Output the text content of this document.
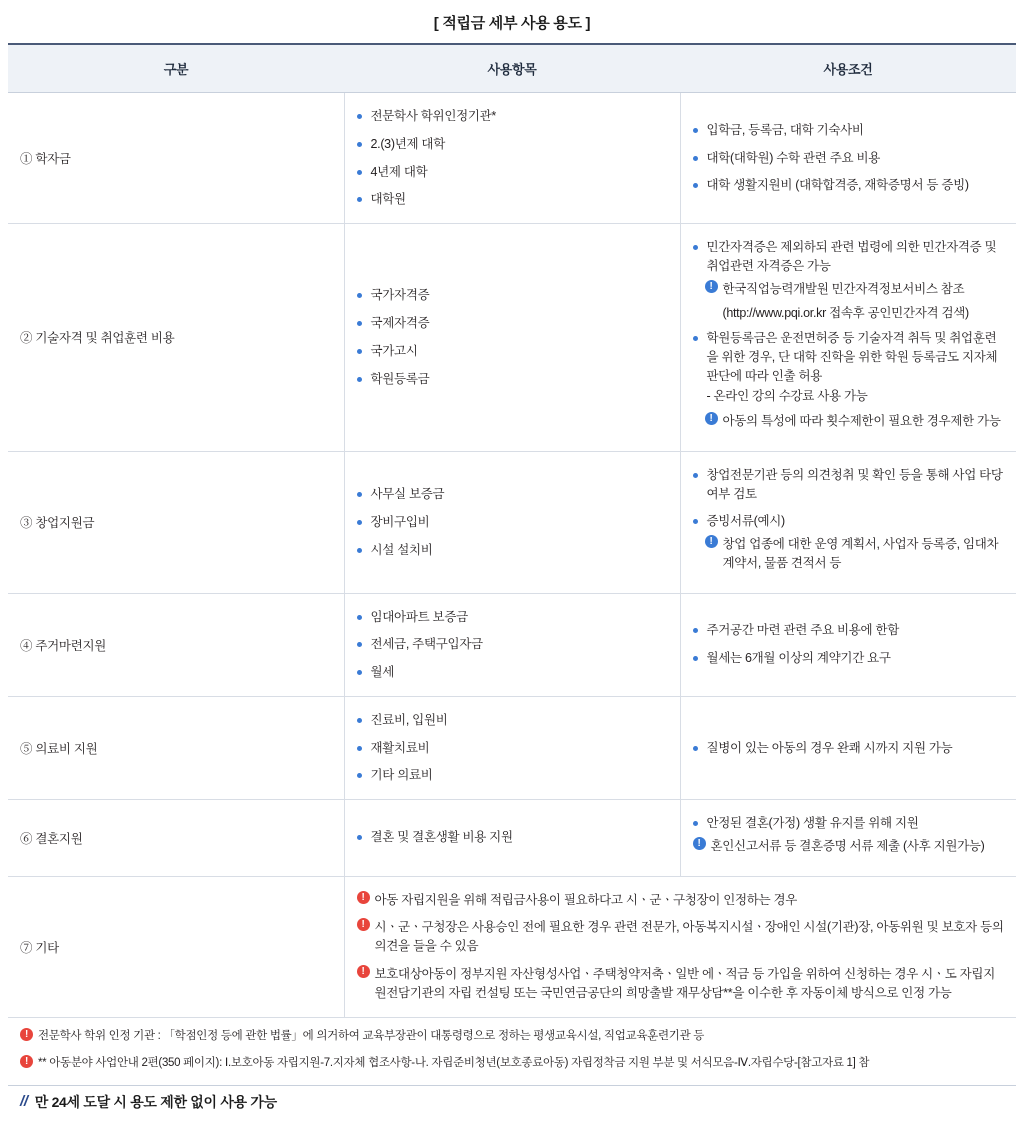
[ 적립금 세부 사용 용도 ]
구분	사용항목	사용조건
① 학자금	
전문학사 학위인정기관*
2.(3)년제 대학
4년제 대학
대학원

입학금, 등록금, 대학 기숙사비
대학(대학원) 수학 관련 주요 비용
대학 생활지원비 (대학합격증, 재학증명서 등 증빙)

② 기술자격 및 취업훈련 비용	
국가자격증
국제자격증
국가고시
학원등록금

민간자격증은 제외하되 관련 법령에 의한 민간자격증 및 취업관련 자격증은 가능
! 한국직업능력개발원 민간자격정보서비스 참조
(http://www.pqi.or.kr 접속후 공인민간자격 검색)
학원등록금은 운전면허증 등 기술자격 취득 및 취업훈련을 위한 경우, 단 대학 진학을 위한 학원 등록금도 지자체 판단에 따라 인출 허용
- 온라인 강의 수강료 사용 가능
! 아동의 특성에 따라 횟수제한이 필요한 경우제한 가능

③ 창업지원금	
사무실 보증금
장비구입비
시설 설치비

창업전문기관 등의 의견청취 및 확인 등을 통해 사업 타당 여부 검토
증빙서류(예시)
! 창업 업종에 대한 운영 계획서, 사업자 등록증, 임대차 계약서, 물품 견적서 등

④ 주거마련지원	
임대아파트 보증금
전세금, 주택구입자금
월세

주거공간 마련 관련 주요 비용에 한함
월세는 6개월 이상의 계약기간 요구

⑤ 의료비 지원	
진료비, 입원비
재활치료비
기타 의료비

질병이 있는 아동의 경우 완쾌 시까지 지원 가능

⑥ 결혼지원	결혼 및 결혼생활 비용 지원

안정된 결혼(가정) 생활 유지를 위해 지원
! 혼인신고서류 등 결혼증명 서류 제출 (사후 지원가능)

⑦ 기타	
! 아동 자립지원을 위해 적립금사용이 필요하다고 시ㆍ군ㆍ구청장이 인정하는 경우
! 시ㆍ군ㆍ구청장은 사용승인 전에 필요한 경우 관련 전문가, 아동복지시설ㆍ장애인 시설(기관)장, 아동위원 및 보호자 등의 의견을 들을 수 있음
! 보호대상아동이 정부지원 자산형성사업ㆍ주택청약저축ㆍ일반 에ㆍ적금 등 가입을 위하여 신청하는 경우 시ㆍ도 자립지원전담기관의 자립 컨설팅 또는 국민연금공단의 희망출발 재무상담**을 이수한 후 자동이체 방식으로 인정 가능
! 전문학사 학위 인정 기관 : 「학점인정 등에 관한 법률」에 의거하여 교육부장관이 대통령령으로 정하는 평생교육시설, 직업교육훈련기관 등
! ** 아동분야 사업안내 2편(350 페이지): Ⅰ.보호아동 자립지원-7.지자체 협조사항-나. 자립준비청년(보호종료아동) 자립정착금 지원 부분 및 서식모음-Ⅳ.자립수당-[참고자료 1] 참
// 만 24세 도달 시 용도 제한 없이 사용 가능
